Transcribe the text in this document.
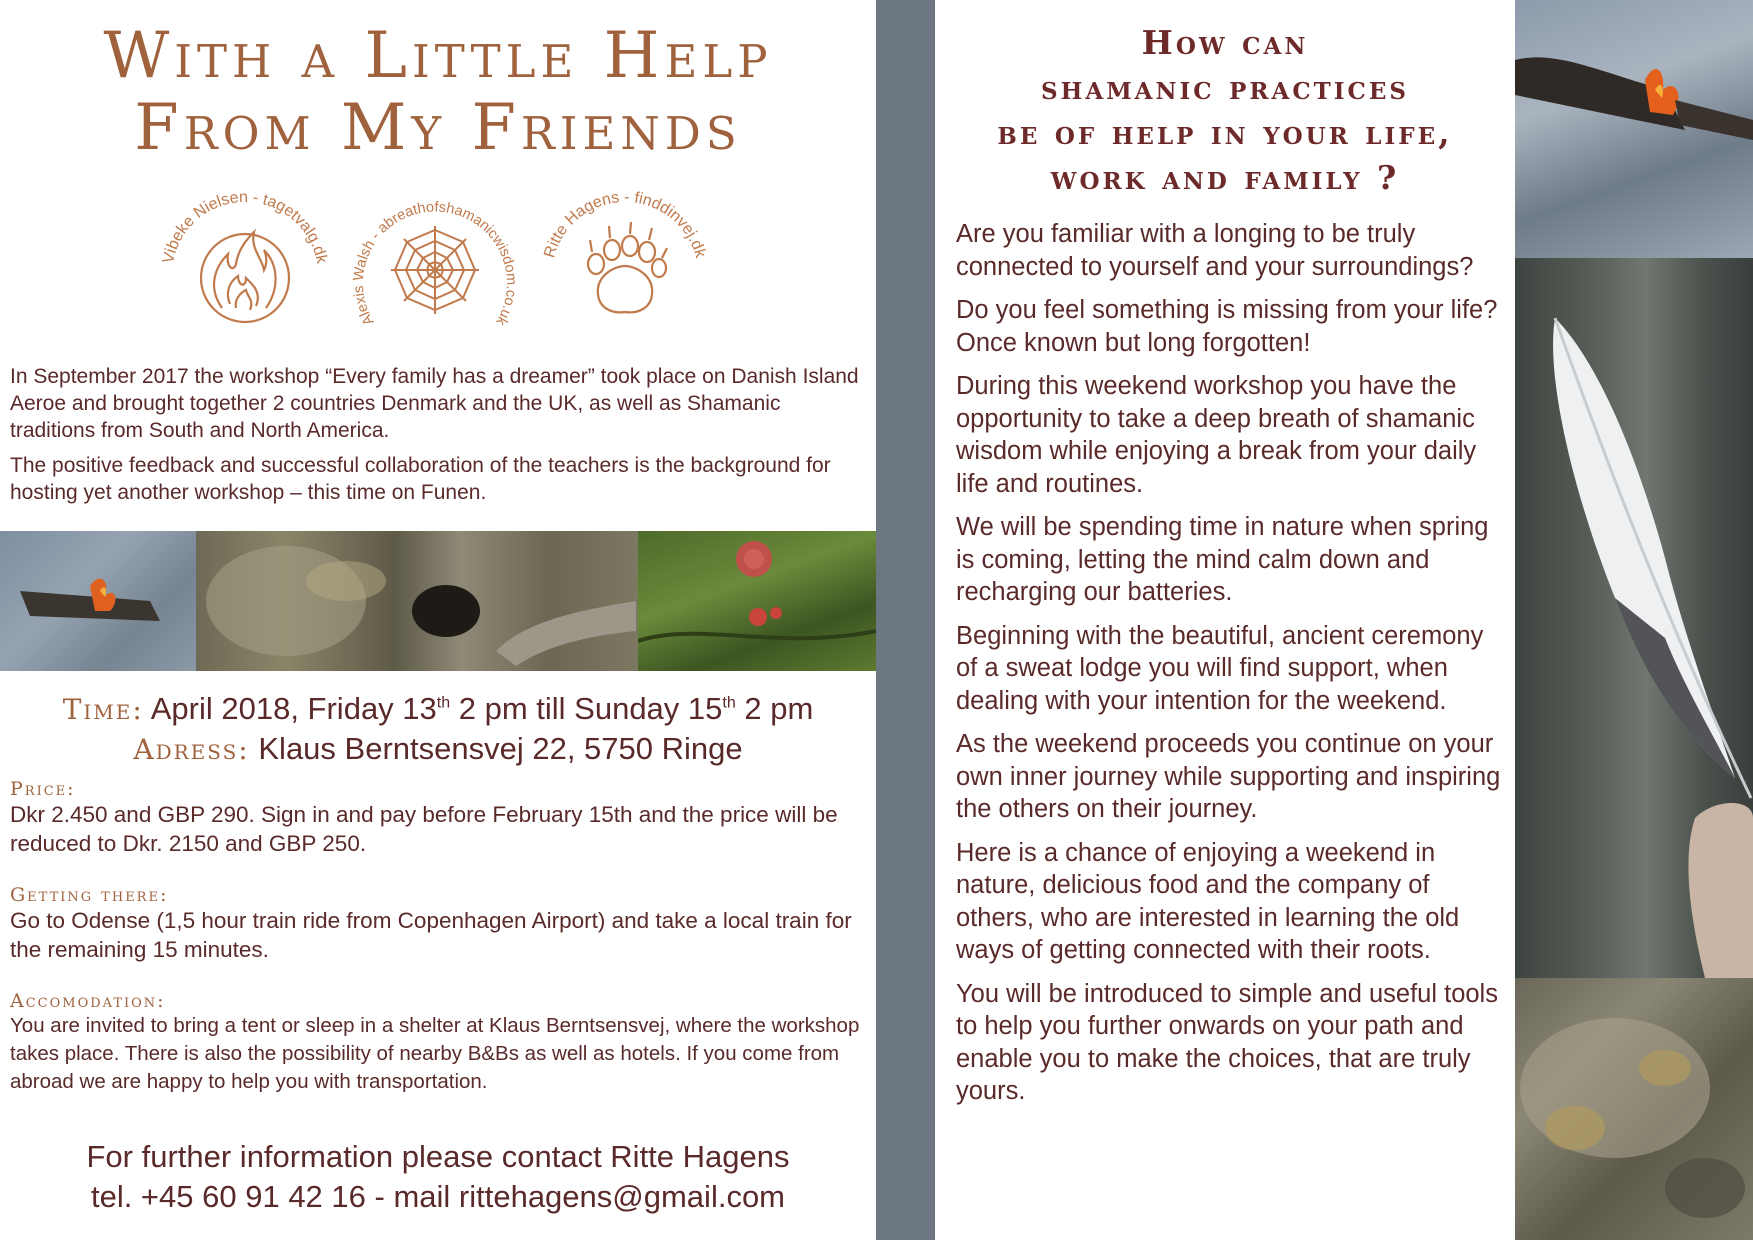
With a Little Help
From My Friends
Vibeke Nielsen - tagetvalg.dk
Alexis Walsh - abreathofshamanicwisdom.co.uk
Ritte Hagens - finddinvej.dk

In September 2017 the workshop “Every family has a dreamer” took place on Danish Island Aeroe and brought together 2 countries Denmark and the UK, as well as Shamanic traditions from South and North America.

The positive feedback and successful collaboration of the teachers is the background for hosting yet another workshop – this time on Funen.

Time: April 2018, Friday 13th 2 pm till Sunday 15th 2 pm
Adress: Klaus Berntsensvej 22, 5750 Ringe
Price:
Dkr 2.450 and GBP 290. Sign in and pay before February 15th and the price will be reduced to Dkr. 2150 and GBP 250.
Getting there:
Go to Odense (1,5 hour train ride from Copenhagen Airport) and take a local train for the remaining 15 minutes.
Accomodation:
You are invited to bring a tent or sleep in a shelter at Klaus Berntsensvej, where the workshop takes place. There is also the possibility of nearby B&Bs as well as hotels. If you come from abroad we are happy to help you with transportation.
For further information please contact Ritte Hagens
tel. +45 60 91 42 16 - mail rittehagens@gmail.com
How can
shamanic practices
be of help in your life,
work and family ?

Are you familiar with a longing to be truly connected to yourself and your surroundings?

Do you feel something is missing from your life? Once known but long forgotten!

During this weekend workshop you have the opportunity to take a deep breath of shamanic wisdom while enjoying a break from your daily life and routines.

We will be spending time in nature when spring is coming, letting the mind calm down and recharging our batteries.

Beginning with the beautiful, ancient ceremony of a sweat lodge you will find support, when dealing with your intention for the weekend.

As the weekend proceeds you continue on your own inner journey while supporting and inspiring the others on their journey.

Here is a chance of enjoying a weekend in nature, delicious food and the company of others, who are interested in learning the old ways of getting connected with their roots.

You will be introduced to simple and useful tools to help you further onwards on your path and enable you to make the choices, that are truly yours.
